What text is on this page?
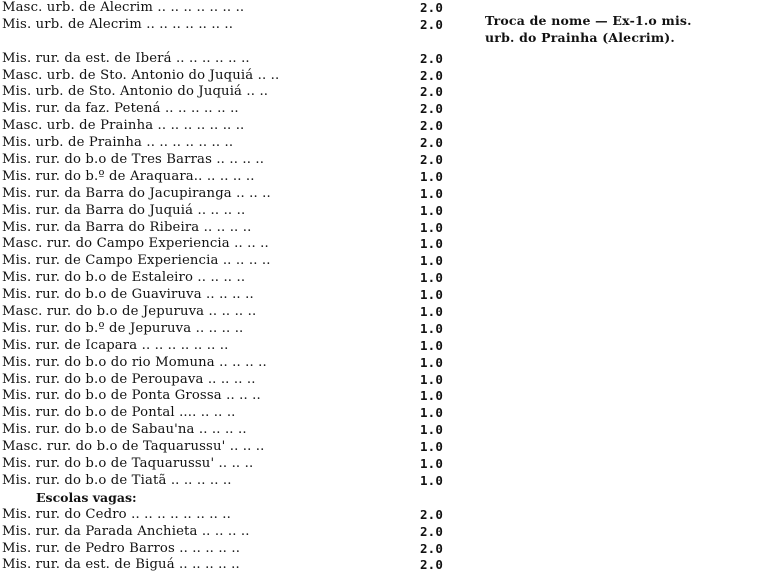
Masc. urb. de Alecrim .. .. .. .. .. .. ..	2.0
Mis. urb. de Alecrim .. .. .. .. .. .. ..	2.0
Mis. rur. da est. de Iberá .. .. .. .. .. ..	2.0
Masc. urb. de Sto. Antonio do Juquiá .. ..	2.0
Mis. urb. de Sto. Antonio do Juquiá .. ..	2.0
Mis. rur. da faz. Petená .. .. .. .. .. ..	2.0
Masc. urb. de Prainha .. .. .. .. .. .. ..	2.0
Mis. urb. de Prainha .. .. .. .. .. .. ..	2.0
Mis. rur. do b.o de Tres Barras .. .. .. ..	2.0
Mis. rur. do b.º de Araquara.. .. .. .. ..	1.0
Mis. rur. da Barra do Jacupiranga .. .. ..	1.0
Mis. rur. da Barra do Juquiá .. .. .. ..	1.0
Mis. rur. da Barra do Ribeira .. .. .. ..	1.0
Masc. rur. do Campo Experiencia .. .. ..	1.0
Mis. rur. de Campo Experiencia .. .. .. ..	1.0
Mis. rur. do b.o de Estaleiro .. .. .. ..	1.0
Mis. rur. do b.o de Guaviruva .. .. .. ..	1.0
Masc. rur. do b.o de Jepuruva .. .. .. ..	1.0
Mis. rur. do b.º de Jepuruva .. .. .. ..	1.0
Mis. rur. de Icapara .. .. .. .. .. .. ..	1.0
Mis. rur. do b.o do rio Momuna .. .. .. ..	1.0
Mis. rur. do b.o de Peroupava .. .. .. ..	1.0
Mis. rur. do b.o de Ponta Grossa .. .. ..	1.0
Mis. rur. do b.o de Pontal .... .. .. ..	1.0
Mis. rur. do b.o de Sabau'na .. .. .. ..	1.0
Masc. rur. do b.o de Taquarussu' .. .. ..	1.0
Mis. rur. do b.o de Taquarussu' .. .. ..	1.0
Mis. rur. do b.o de Tiatã .. .. .. .. ..	1.0
Escolas vagas:
Mis. rur. do Cedro .. .. .. .. .. .. .. ..	2.0
Mis. rur. da Parada Anchieta .. .. .. ..	2.0
Mis. rur. de Pedro Barros .. .. .. .. ..	2.0
Mis. rur. da est. de Biguá .. .. .. .. ..	2.0
Troca de nome — Ex-1.o mis.
urb. do Prainha (Alecrim).
